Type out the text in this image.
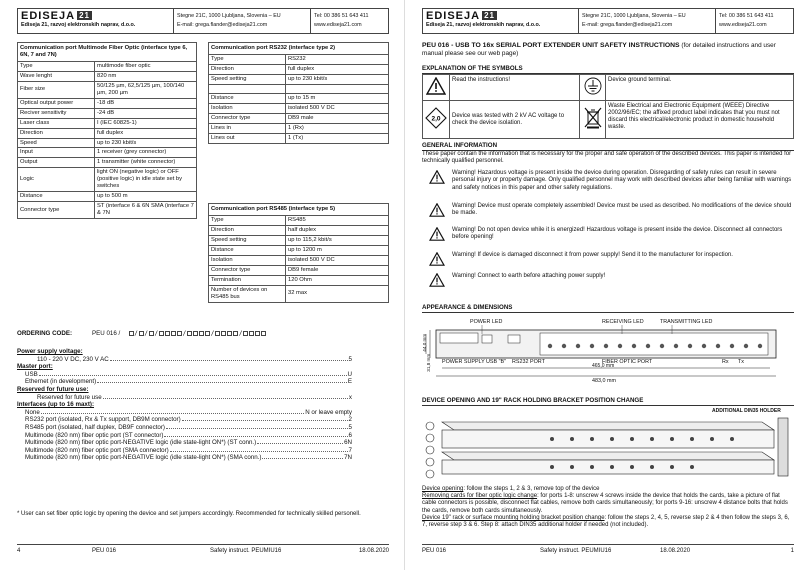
EDISEJA 21
Ediseja 21, razvoj elektronskih naprav, d.o.o.
Stegne 21C, 1000 Ljubljana, Slovenia – EU
E-mail: grega.flander@ediseja21.com
Tel: 00 386 51 643 411
www.ediseja21.com
Communication port Multimode Fiber Optic (interface type 6, 6N, 7 and 7N)	
Type	multimode fiber optic
Wave lenght	820 nm
Fiber size	50/125 µm, 62,5/125 µm, 100/140 µm, 200 µm
Optical output power	-18 dB
Reciver sensitivity	-24 dB
Laser class	I (IEC 60825-1)
Direction	full duplex
Speed	up to 230 kbit/s
Input	1 receiver (grey connector)
Output	1 transmitter (white connector)
Logic	light ON (negative logic) or OFF (positive logic) in idle state set by switches
Distance	up to 500 m
Connector type	ST (interface 6 & 6N SMA (interface 7 & 7N
Communication port RS232 (interface type 2)	
Type	RS232
Direction	full duplex
Speed setting	up to 230 kbit/s

Distance	up to 15 m
Isolation	isolated 500 V DC
Connector type	DB9 male
Lines in	1 (Rx)
Lines out	1 (Tx)
Communication port RS485 (interface type 5)	
Type	RS485
Direction	half duplex
Speed setting	up to 115,2 kbit/s
Distance	up to 1200 m
Isolation	isolated 500 V DC
Connector type	DB9 female
Termination	120 Ohm
Number of devices on RS485 bus	32 max
ORDERING CODE:	PEU 016 /	/ / /	/	/	/
Power supply voltage:
110 - 220 V DC, 230 V AC	5
Master port:
USB	U
Ethernet (in development)	E
Reserved for future use:
Reserved for future use	x
Interfaces (up to 16 maxt):
None	N or leave empty
RS232 port (isolated, Rx & Tx support, DB9M connector)	2
RS485 port (isolated, half duplex, DB9F connector)	5
Multimode (820 nm) fiber optic port (ST connector)	6
Multimode (820 nm) fiber optic port-NEGATIVE logic (idle state-light ON*) (ST conn.)	6N
Multimode (820 nm) fiber optic port (SMA connector)	7
Multimode (820 nm) fiber optic port-NEGATIVE logic (idle state-light ON*) (SMA conn.)	7N
* User can set fiber optic logic by opening the device and set jumpers accordingly. Recommended for technically skilled personell.
4	PEU 016	Safety instruct. PEUMIU16	18.08.2020
EDISEJA 21
Ediseja 21, razvoj elektronskih naprav, d.o.o.
Stegne 21C, 1000 Ljubljana, Slovenia – EU
E-mail: grega.flander@ediseja21.com
Tel: 00 386 51 643 411
www.ediseja21.com
PEU 016 - USB TO 16x SERIAL PORT EXTENDER UNIT SAFETY INSTRUCTIONS (for detailed instructions and user manual please see our web page)
EXPLANATION OF THE SYMBOLS
	Read the instructions!		Device ground terminal.

2,0	Device was tested with 2 kV AC voltage to check the device isolation.		Waste Electrical and Electronic Equipment (WEEE) Directive 2002/96/EC; the affixed product label indicates that you must not discard this electrical/electronic product in domestic household waste.
GENERAL INFORMATION
These paper contain the information that is necessary for the proper and safe operation of the described devices. This paper is intended for technically qualified personnel.
Warning! Hazardous voltage is present inside the device during operation. Disregarding of safety rules can result in severe personal injury or property damage. Only qualified personnel may work with described devices after being familiar with warnings and safety notices in this paper and other safety regulations.
Warning! Device must operate completely assembled! Device must be used as described. No modifications of the device should be made.
Warning! Do not open device while it is energized! Hazardous voltage is present inside the device. Disconnect all connectors before opening!
Warning! If device is damaged disconnect it from power supply! Send it to the manufacturer for inspection.
Warning! Connect to earth before attaching power supply!
APPEARANCE & DIMENSIONS
POWER LED	RECEIVING LED	TRANSMITTING LED
POWER SUPPLY USB "B" RS232 PORT	FIBER OPTIC PORT	Rx Tx
465,0 mm
483,0 mm
44,0 mm
31,8 mm
DEVICE OPENING AND 19" RACK HOLDING BRACKET POSITION CHANGE
ADDITIONAL DIN35 HOLDER
Device opening: follow the steps 1, 2 & 3, remove top of the device
Removing cards for fiber optic logic change: for ports 1-8: unscrew 4 screws inside the device that holds the cards, take a picture of flat cable connectors is possible, disconnect flat cables, remove both cards simultaneously; for ports 9-16: unscrew 4 distance bolts that holds the cards, remove both cards simultaneously.
Device 19" rack or surface mounting holding bracket position change: follow the steps 2, 4, 5, reverse step 2 & 4 then follow the steps 3, 6, 7, reverse step 3 & 6. Step 8: attach DIN35 additional holder if needed (not included).
PEU 016	Safety instruct. PEUMIU16	18.08.2020	1
